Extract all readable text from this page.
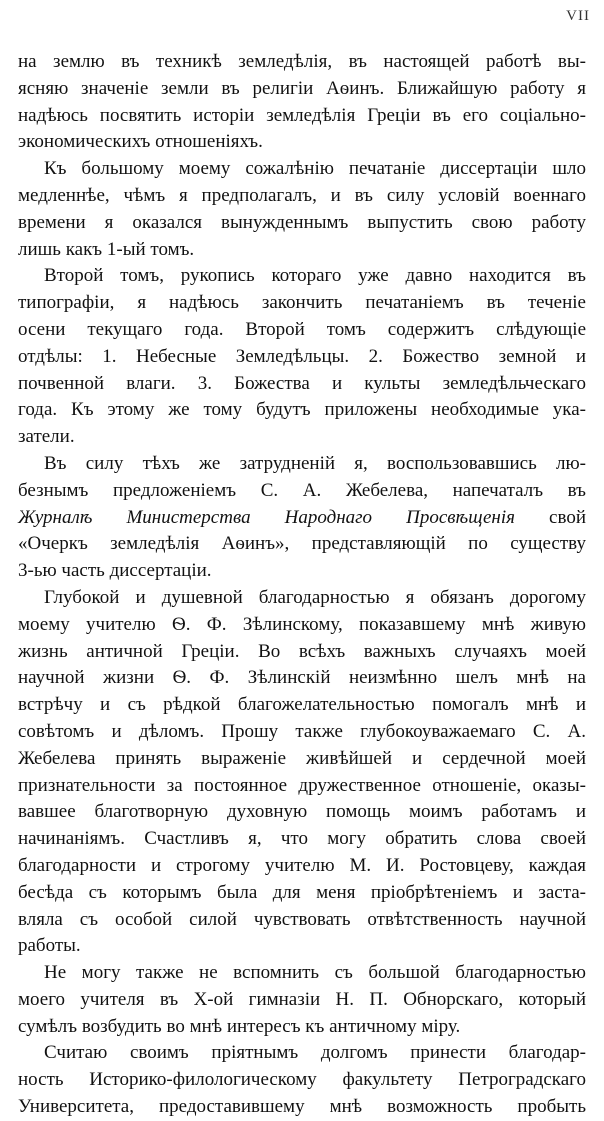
VII
на землю въ техникѣ земледѣлія, въ настоящей работѣ вы-
ясняю значеніе земли въ религіи Аѳинъ. Ближайшую работу я
надѣюсь посвятить исторіи земледѣлія Греціи въ его соціально-
экономическихъ отношеніяхъ.
Къ большому моему сожалѣнію печатаніе диссертаціи шло
медленнѣе, чѣмъ я предполагалъ, и въ силу условій военнаго
времени я оказался вынужденнымъ выпустить свою работу
лишь какъ 1-ый томъ.
Второй томъ, рукопись котораго уже давно находится въ
типографіи, я надѣюсь закончить печатаніемъ въ теченіе
осени текущаго года. Второй томъ содержитъ слѣдующіе
отдѣлы: 1. Небесные Земледѣльцы. 2. Божество земной и
почвенной влаги. 3. Божества и культы земледѣльческаго
года. Къ этому же тому будутъ приложены необходимые ука-
затели.
Въ силу тѣхъ же затрудненій я, воспользовавшись лю-
безнымъ предложеніемъ С. А. Жебелева, напечаталъ въ
Журналѣ Министерства Народнаго Просвѣщенія свой
«Очеркъ земледѣлія Аѳинъ», представляющій по существу
3-ью часть диссертаціи.
Глубокой и душевной благодарностью я обязанъ дорогому
моему учителю Ѳ. Ф. Зѣлинскому, показавшему мнѣ живую
жизнь античной Греціи. Во всѣхъ важныхъ случаяхъ моей
научной жизни Ѳ. Ф. Зѣлинскій неизмѣнно шелъ мнѣ на
встрѣчу и съ рѣдкой благожелательностью помогалъ мнѣ и
совѣтомъ и дѣломъ. Прошу также глубокоуважаемаго С. А.
Жебелева принять выраженіе живѣйшей и сердечной моей
признательности за постоянное дружественное отношеніе, оказы-
вавшее благотворную духовную помощь моимъ работамъ и
начинаніямъ. Счастливъ я, что могу обратить слова своей
благодарности и строгому учителю М. И. Ростовцеву, каждая
бесѣда съ которымъ была для меня пріобрѣтеніемъ и заста-
вляла съ особой силой чувствовать отвѣтственность научной
работы.
Не могу также не вспомнить съ большой благодарностью
моего учителя въ X-ой гимназіи Н. П. Обнорскаго, который
сумѣлъ возбудить во мнѣ интересъ къ античному міру.
Считаю своимъ пріятнымъ долгомъ принести благодар-
ность Историко-филологическому факультету Петроградскаго
Университета, предоставившему мнѣ возможность пробыть
